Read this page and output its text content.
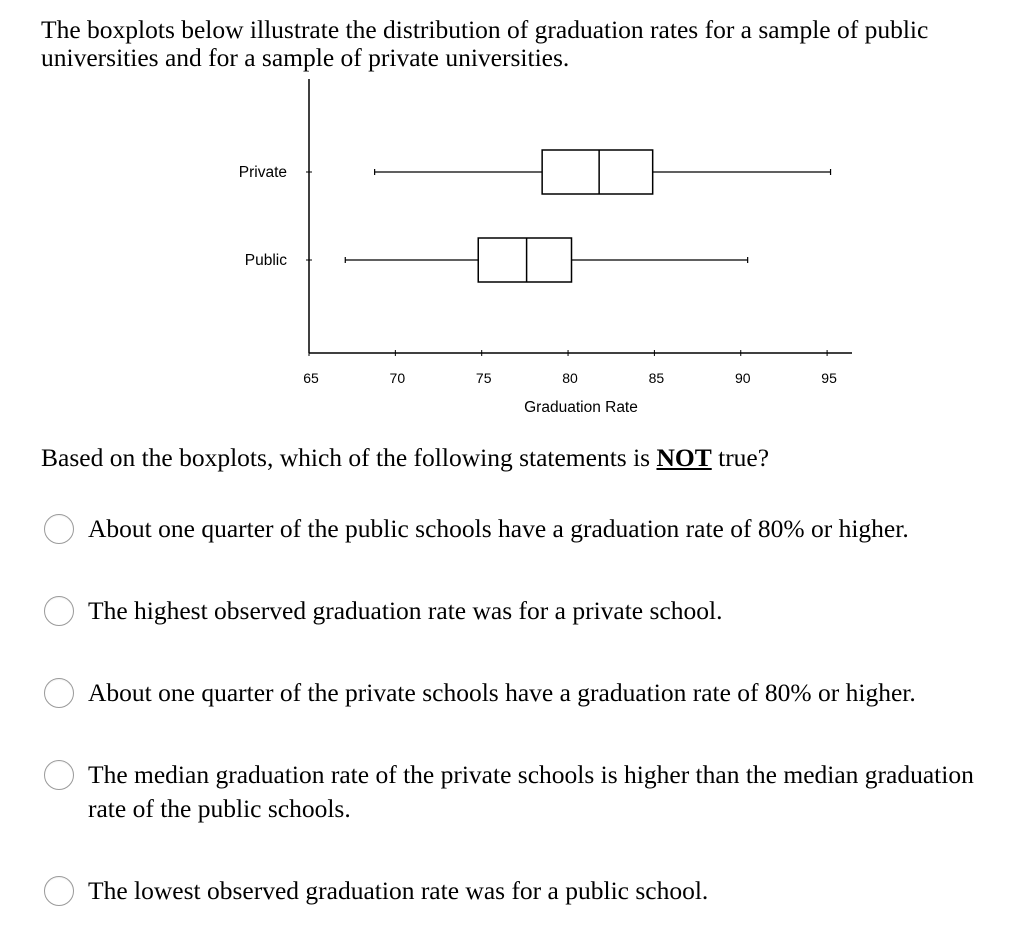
The boxplots below illustrate the distribution of graduation rates for a sample of public universities and for a sample of private universities.

65	70	75	80	85	90	95
Private
Public
Graduation Rate

Based on the boxplots, which of the following statements is NOT true?

About one quarter of the public schools have a graduation rate of 80% or higher.
The highest observed graduation rate was for a private school.
About one quarter of the private schools have a graduation rate of 80% or higher.
The median graduation rate of the private schools is higher than the median graduation rate of the public schools.
The lowest observed graduation rate was for a public school.
